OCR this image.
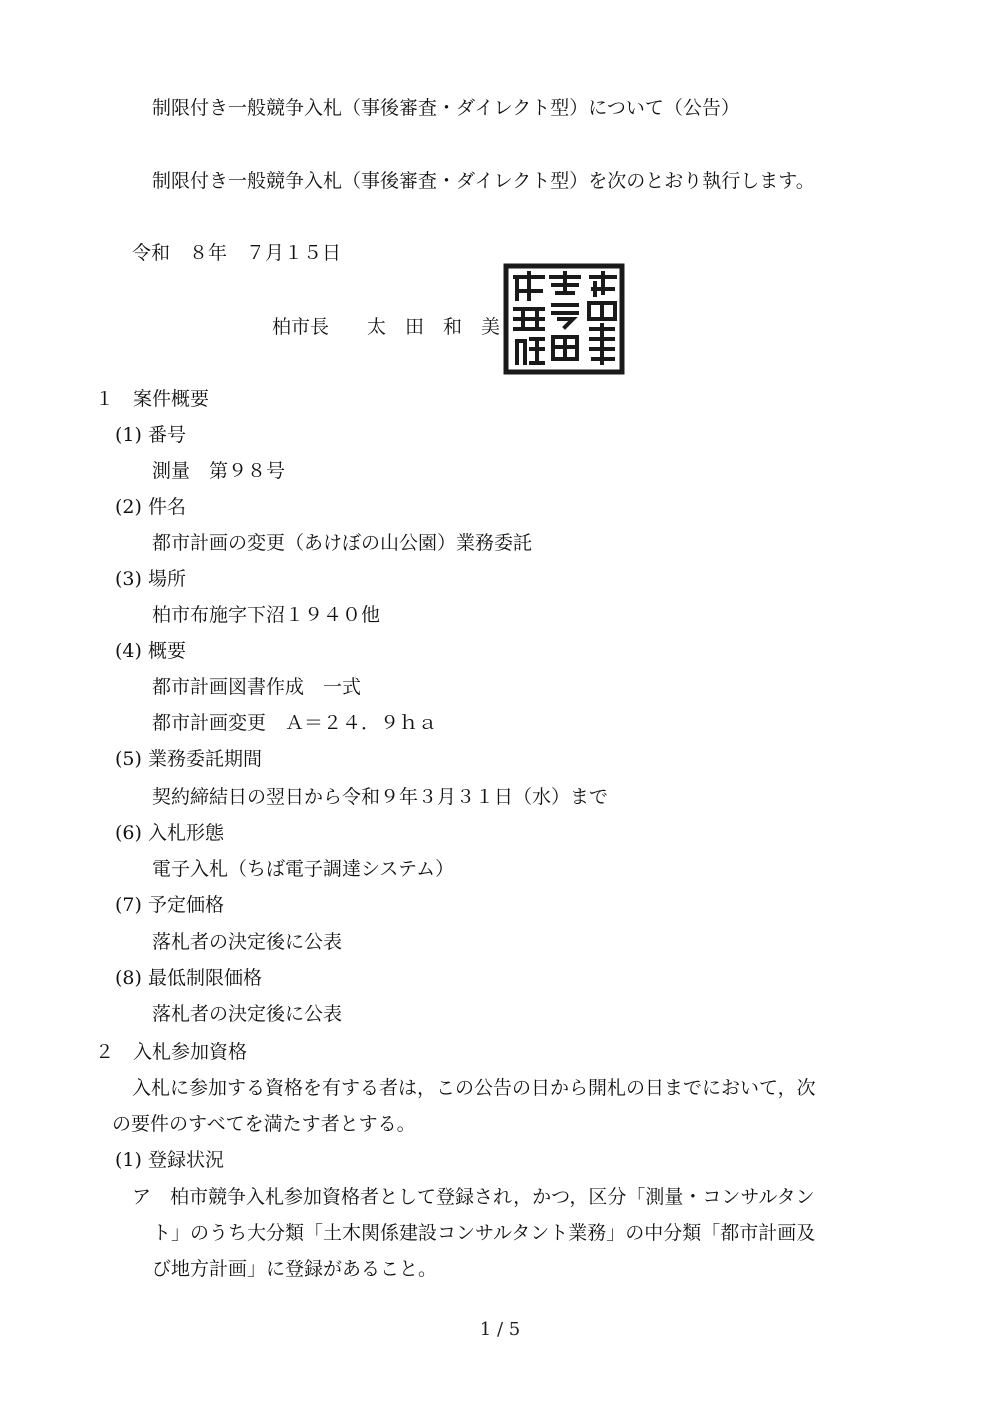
制限付き一般競争入札（事後審査・ダイレクト型）について（公告）
制限付き一般競争入札（事後審査・ダイレクト型）を次のとおり執行します。
令和　８年　７月１５日
柏市長　　太　田　和　美
１　案件概要
(1) 番号
測量　第９８号
(2) 件名
都市計画の変更（あけぼの山公園）業務委託
(3) 場所
柏市布施字下沼１９４０他
(4) 概要
都市計画図書作成　一式
都市計画変更　Ａ＝２４．９ｈａ
(5) 業務委託期間
契約締結日の翌日から令和９年３月３１日（水）まで
(6) 入札形態
電子入札（ちば電子調達システム）
(7) 予定価格
落札者の決定後に公表
(8) 最低制限価格
落札者の決定後に公表
２　入札参加資格
入札に参加する資格を有する者は，この公告の日から開札の日までにおいて，次
の要件のすべてを満たす者とする。
(1) 登録状況
ア　柏市競争入札参加資格者として登録され，かつ，区分「測量・コンサルタン
ト」のうち大分類「土木関係建設コンサルタント業務」の中分類「都市計画及
び地方計画」に登録があること。
1 / 5
